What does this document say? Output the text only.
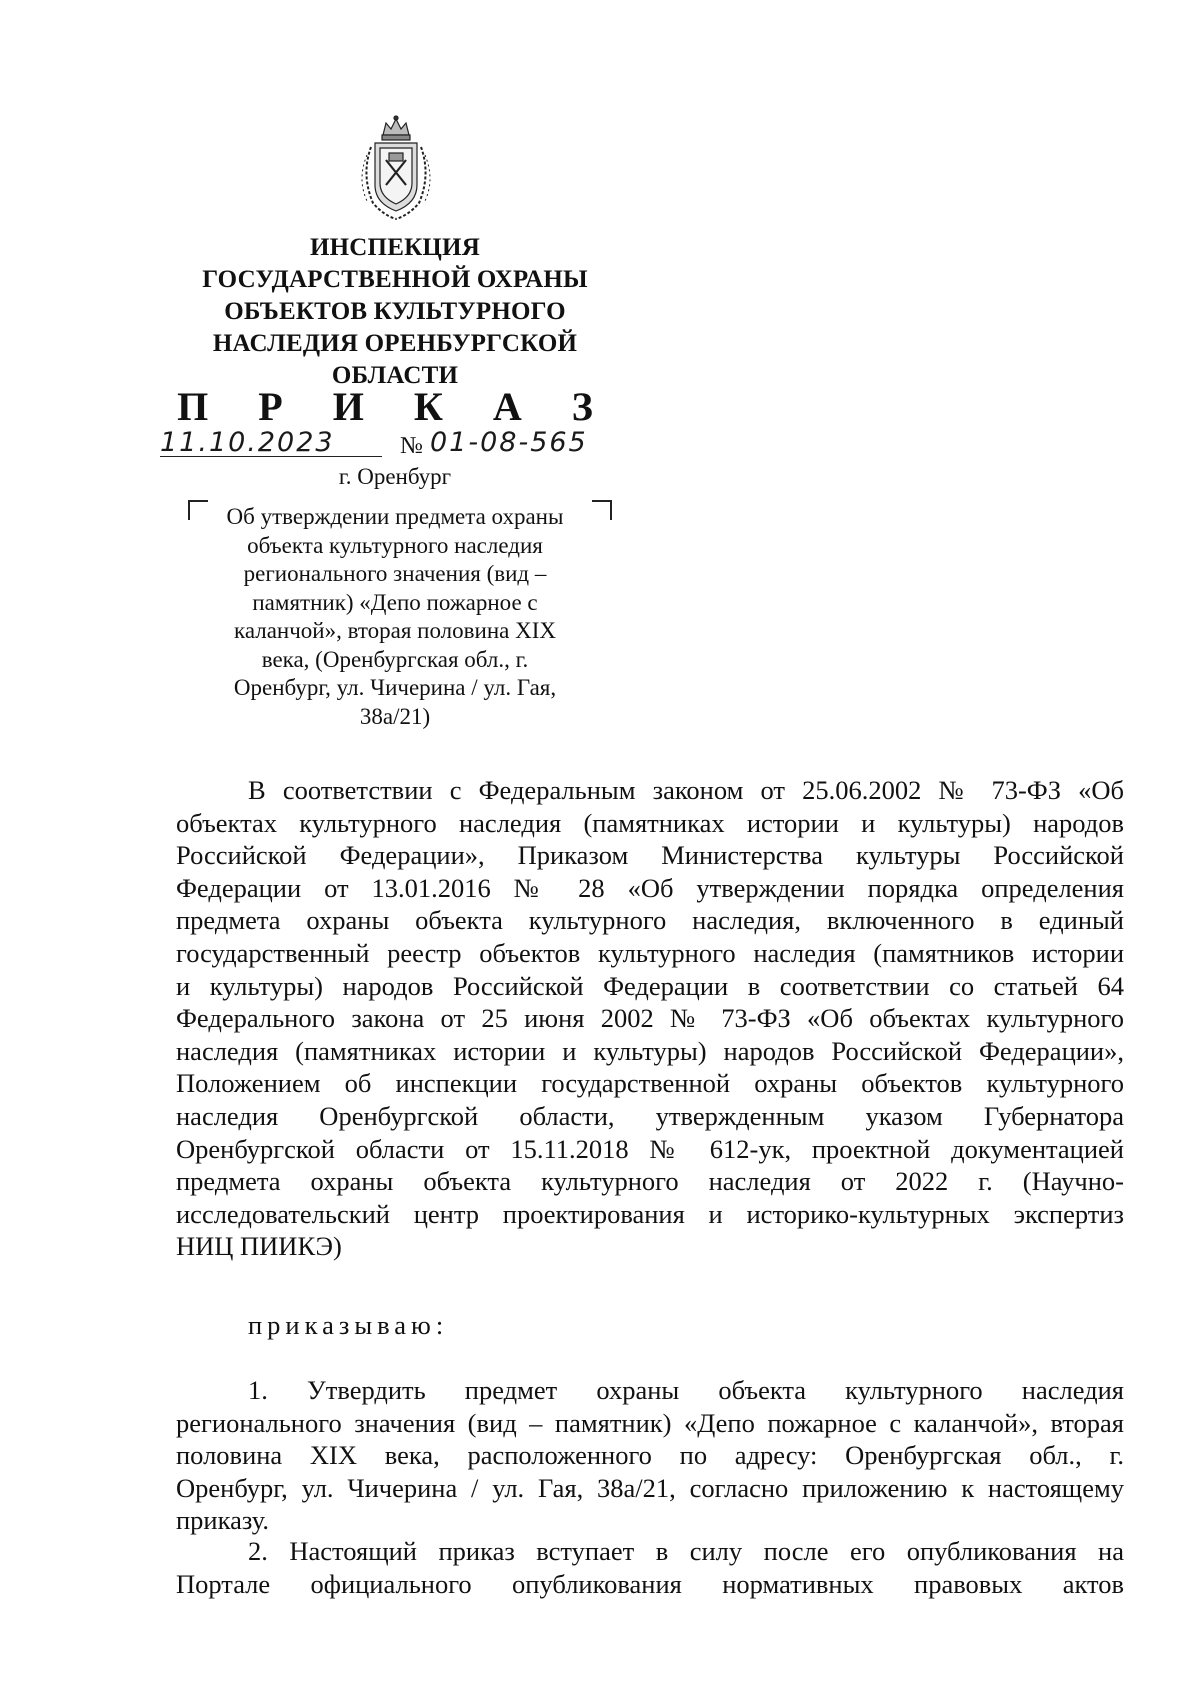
ИНСПЕКЦИЯ
ГОСУДАРСТВЕННОЙ ОХРАНЫ
ОБЪЕКТОВ КУЛЬТУРНОГО
НАСЛЕДИЯ ОРЕНБУРГСКОЙ
ОБЛАСТИ
П Р И К А З
11.10.2023	№ 01-08-565
г. Оренбург
Об утверждении предмета охраны
объекта культурного наследия
регионального значения (вид –
памятник) «Депо пожарное с
каланчой», вторая половина XIX
века, (Оренбургская обл., г.
Оренбург, ул. Чичерина / ул. Гая,
38а/21)
В соответствии с Федеральным законом от 25.06.2002 № 73-ФЗ «Об
объектах культурного наследия (памятниках истории и культуры) народов
Российской Федерации», Приказом Министерства культуры Российской
Федерации от 13.01.2016 № 28 «Об утверждении порядка определения
предмета охраны объекта культурного наследия, включенного в единый
государственный реестр объектов культурного наследия (памятников истории
и культуры) народов Российской Федерации в соответствии со статьей 64
Федерального закона от 25 июня 2002 № 73-ФЗ «Об объектах культурного
наследия (памятниках истории и культуры) народов Российской Федерации»,
Положением об инспекции государственной охраны объектов культурного
наследия Оренбургской области, утвержденным указом Губернатора
Оренбургской области от 15.11.2018 № 612-ук, проектной документацией
предмета охраны объекта культурного наследия от 2022 г. (Научно-
исследовательский центр проектирования и историко-культурных экспертиз
НИЦ ПИИКЭ)
приказываю:
1. Утвердить предмет охраны объекта культурного наследия
регионального значения (вид – памятник) «Депо пожарное с каланчой», вторая
половина XIX века, расположенного по адресу: Оренбургская обл., г.
Оренбург, ул. Чичерина / ул. Гая, 38а/21, согласно приложению к настоящему
приказу.
2. Настоящий приказ вступает в силу после его опубликования на
Портале официального опубликования нормативных правовых актов
